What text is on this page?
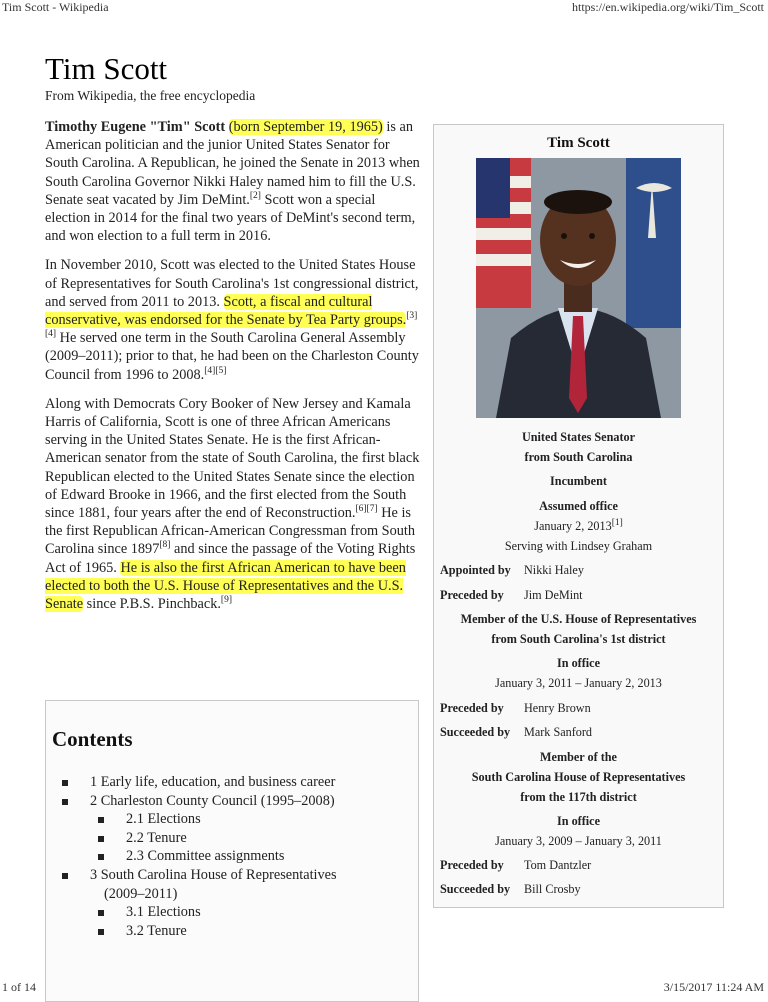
Tim Scott - Wikipedia	https://en.wikipedia.org/wiki/Tim_Scott
Tim Scott
From Wikipedia, the free encyclopedia

Timothy Eugene "Tim" Scott (born September 19, 1965) is an American politician and the junior United States Senator for South Carolina. A Republican, he joined the Senate in 2013 when South Carolina Governor Nikki Haley named him to fill the U.S. Senate seat vacated by Jim DeMint.[2] Scott won a special election in 2014 for the final two years of DeMint's second term, and won election to a full term in 2016.

In November 2010, Scott was elected to the United States House of Representatives for South Carolina's 1st congressional district, and served from 2011 to 2013. Scott, a fiscal and cultural conservative, was endorsed for the Senate by Tea Party groups.[3][4] He served one term in the South Carolina General Assembly (2009–2011); prior to that, he had been on the Charleston County Council from 1996 to 2008.[4][5]

Along with Democrats Cory Booker of New Jersey and Kamala Harris of California, Scott is one of three African Americans serving in the United States Senate. He is the first African-American senator from the state of South Carolina, the first black Republican elected to the United States Senate since the election of Edward Brooke in 1966, and the first elected from the South since 1881, four years after the end of Reconstruction.[6][7] He is the first Republican African-American Congressman from South Carolina since 1897[8] and since the passage of the Voting Rights Act of 1965. He is also the first African American to have been elected to both the U.S. House of Representatives and the U.S. Senate since P.B.S. Pinchback.[9]

Contents
1 Early life, education, and business career
2 Charleston County Council (1995–2008)
2.1 Elections
2.2 Tenure
2.3 Committee assignments
3 South Carolina House of Representatives
(2009–2011)
3.1 Elections
3.2 Tenure
Tim Scott
United States Senator
from South Carolina
Incumbent
Assumed office
January 2, 2013[1]
Serving with Lindsey Graham
Appointed by Nikki Haley
Preceded by Jim DeMint
Member of the U.S. House of Representatives
from South Carolina's 1st district
In office
January 3, 2011 – January 2, 2013
Preceded by Henry Brown
Succeeded by Mark Sanford
Member of the
South Carolina House of Representatives
from the 117th district
In office
January 3, 2009 – January 3, 2011
Preceded by Tom Dantzler
Succeeded by Bill Crosby
1 of 14	3/15/2017 11:24 AM
